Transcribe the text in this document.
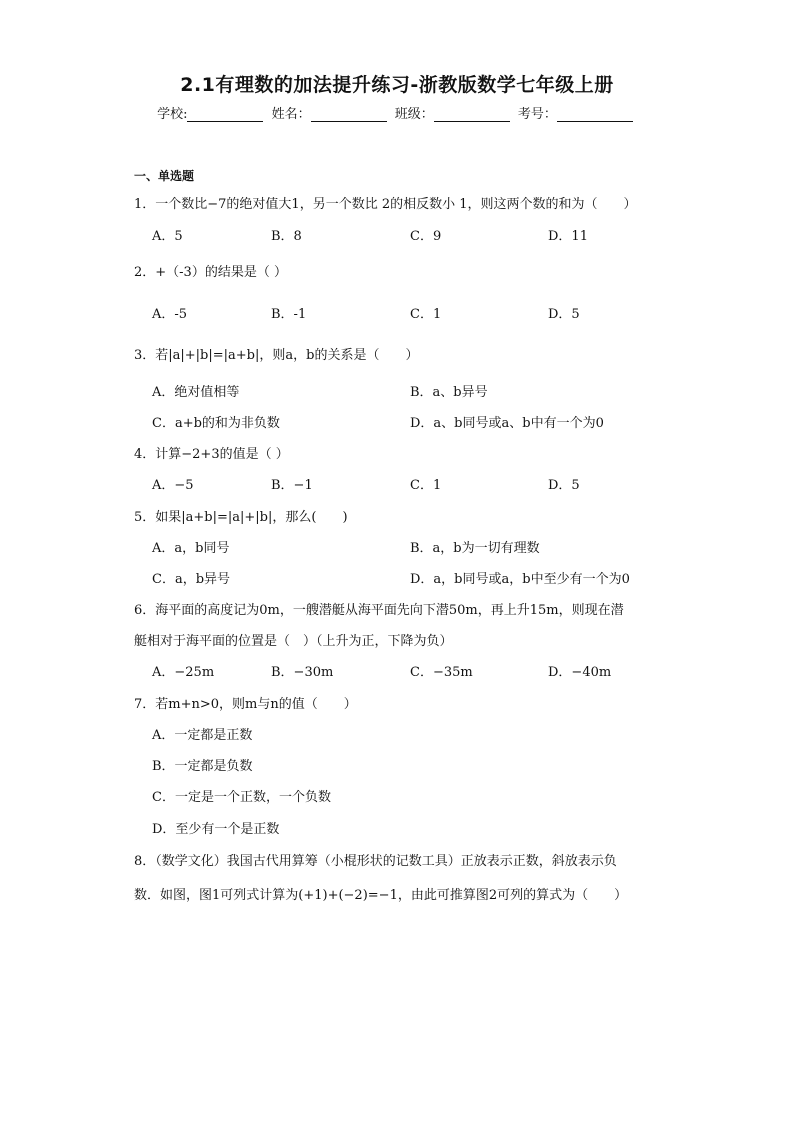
2.1有理数的加法提升练习-浙教版数学七年级上册
学校:	姓名：	班级：	考号：
一、单选题
1．一个数比−7的绝对值大1，另一个数比 2的相反数小 1，则这两个数的和为（　　）
A．5	B．8	C．9	D．11
2．+（-3）的结果是（ ）
A．-5	B．-1	C．1	D．5
3．若|a|+|b|=|a+b|，则a，b的关系是（　　）
A．绝对值相等	B．a、b异号
C．a+b的和为非负数	D．a、b同号或a、b中有一个为0
4．计算−2+3的值是（ ）
A．−5	B．−1	C．1	D．5
5．如果|a+b|=|a|+|b|，那么(　　)
A．a，b同号	B．a，b为一切有理数
C．a，b异号	D．a，b同号或a，b中至少有一个为0
6．海平面的高度记为0m，一艘潜艇从海平面先向下潜50m，再上升15m，则现在潜
艇相对于海平面的位置是（　）（上升为正，下降为负）
A．−25m	B．−30m	C．−35m	D．−40m
7．若m+n>0，则m与n的值（　　）
A．一定都是正数
B．一定都是负数
C．一定是一个正数，一个负数
D．至少有一个是正数
8．（数学文化）我国古代用算筹（小棍形状的记数工具）正放表示正数，斜放表示负
数．如图，图1可列式计算为(+1)+(−2)=−1，由此可推算图2可列的算式为（　　）
